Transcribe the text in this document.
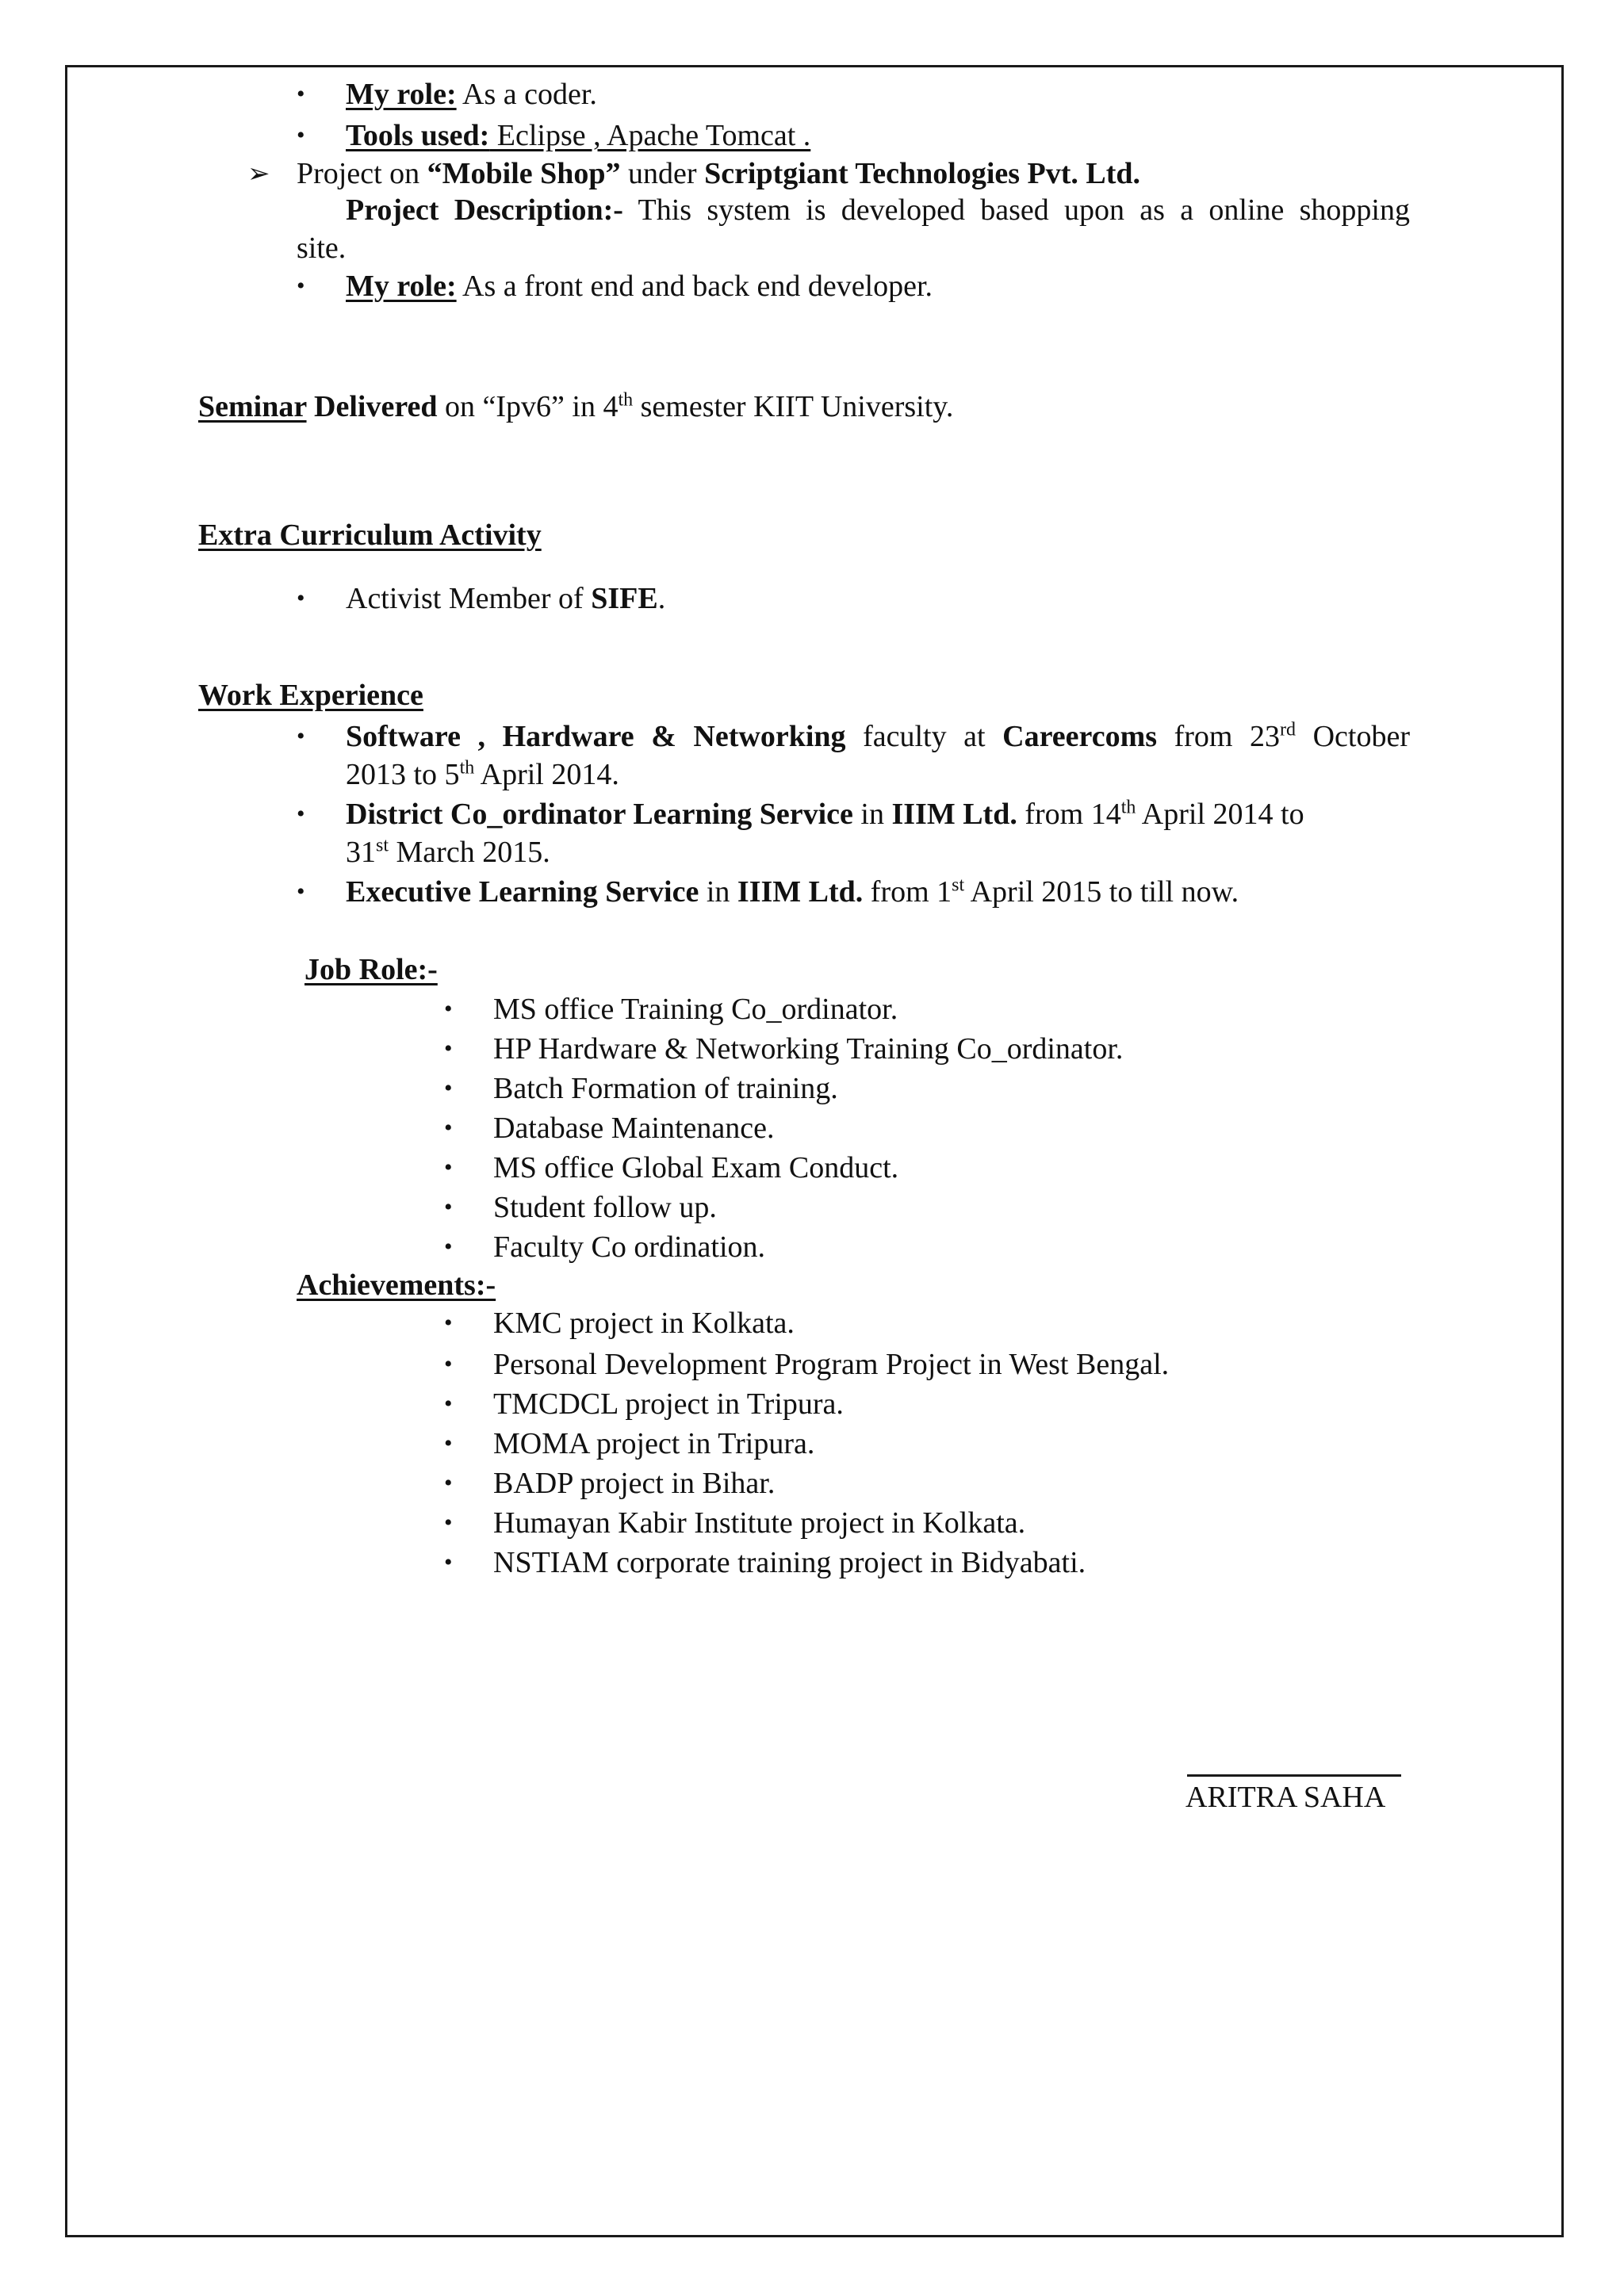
• My role: As a coder.
• Tools used: Eclipse , Apache Tomcat .
➢ Project on “Mobile Shop” under Scriptgiant Technologies Pvt. Ltd.
Project Description:- This system is developed based upon as a online shopping
site.
• My role: As a front end and back end developer.
Seminar Delivered on “Ipv6” in 4th semester KIIT University.
Extra Curriculum Activity
• Activist Member of SIFE.
Work Experience
• Software , Hardware & Networking faculty at Careercoms from 23rd October
2013 to 5th April 2014.
• District Co_ordinator Learning Service in IIIM Ltd. from 14th April 2014 to
31st March 2015.
• Executive Learning Service in IIIM Ltd. from 1st April 2015 to till now.
Job Role:-
• MS office Training Co_ordinator.
• HP Hardware & Networking Training Co_ordinator.
• Batch Formation of training.
• Database Maintenance.
• MS office Global Exam Conduct.
• Student follow up.
• Faculty Co ordination.
Achievements:-
• KMC project in Kolkata.
• Personal Development Program Project in West Bengal.
• TMCDCL project in Tripura.
• MOMA project in Tripura.
• BADP project in Bihar.
• Humayan Kabir Institute project in Kolkata.
• NSTIAM corporate training project in Bidyabati.
ARITRA SAHA
